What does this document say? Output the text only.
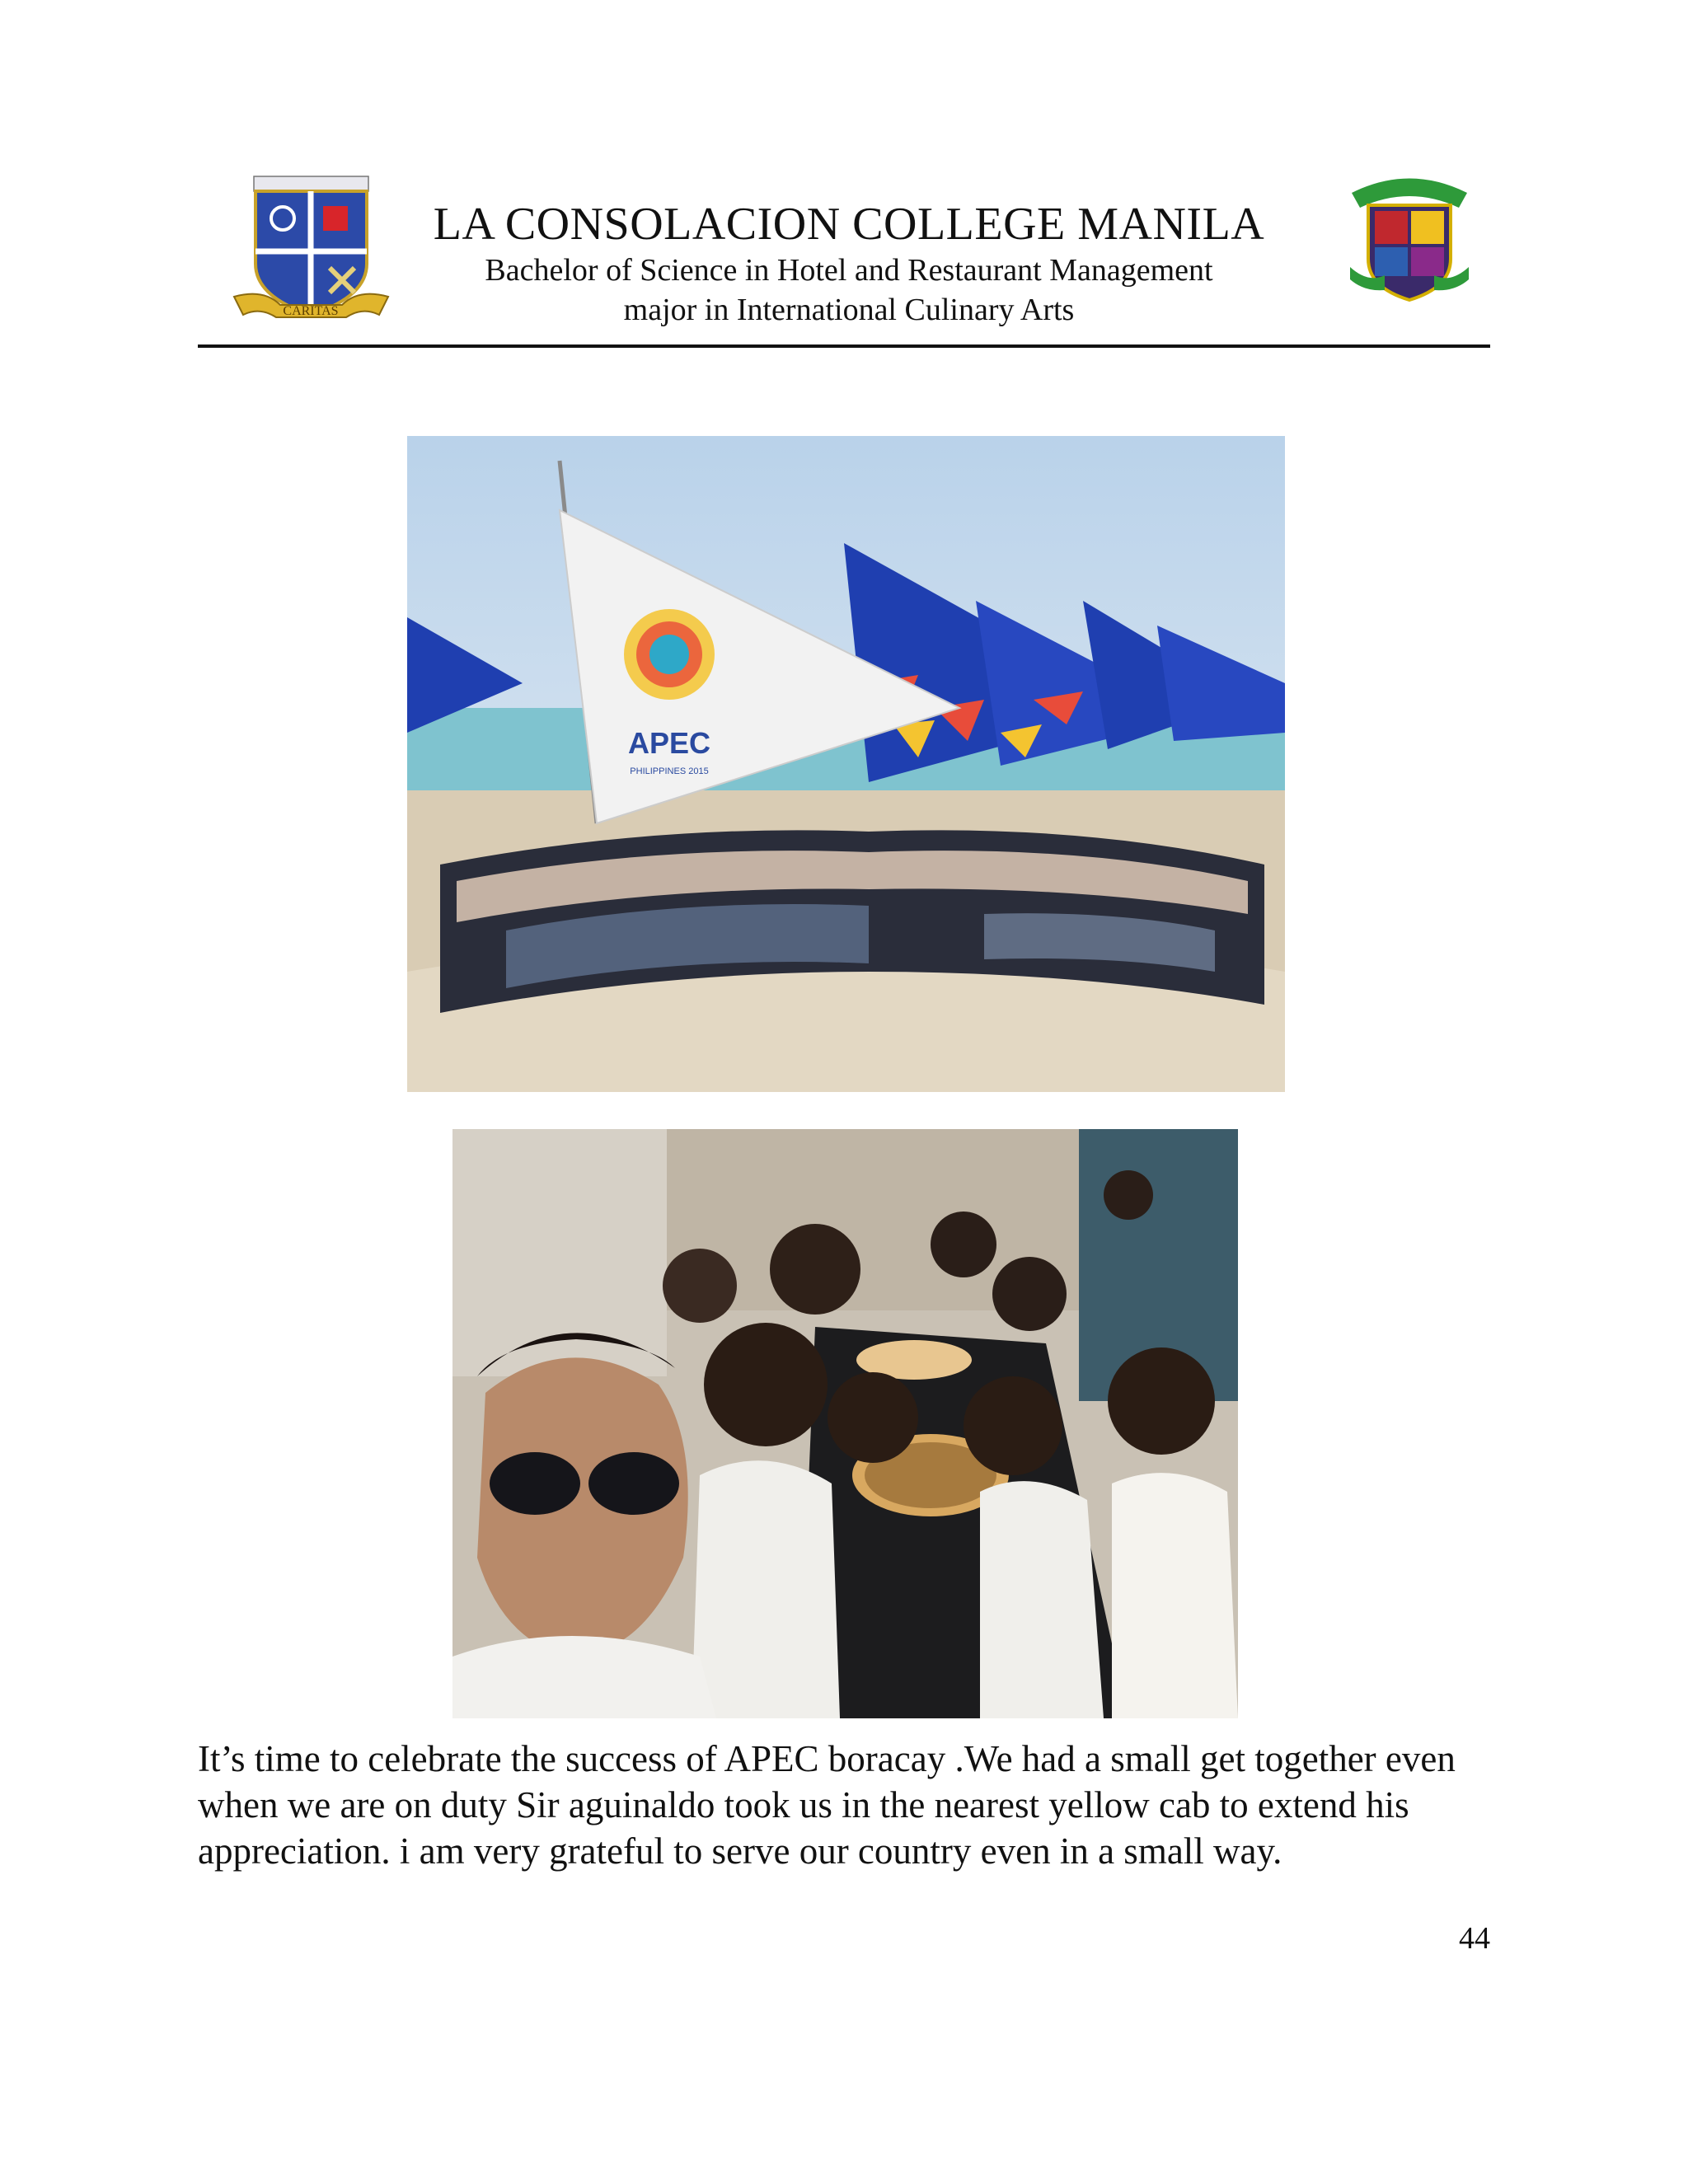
CARITAS
LA CONSOLACION COLLEGE MANILA
Bachelor of Science in Hotel and Restaurant Management
major in International Culinary Arts
APEC
PHILIPPINES 2015
It’s time to celebrate the success of APEC boracay .We had a small get together even when we are on duty Sir aguinaldo took us in the nearest yellow cab to extend his appreciation. i am very grateful to serve our country even in a small way.
44
